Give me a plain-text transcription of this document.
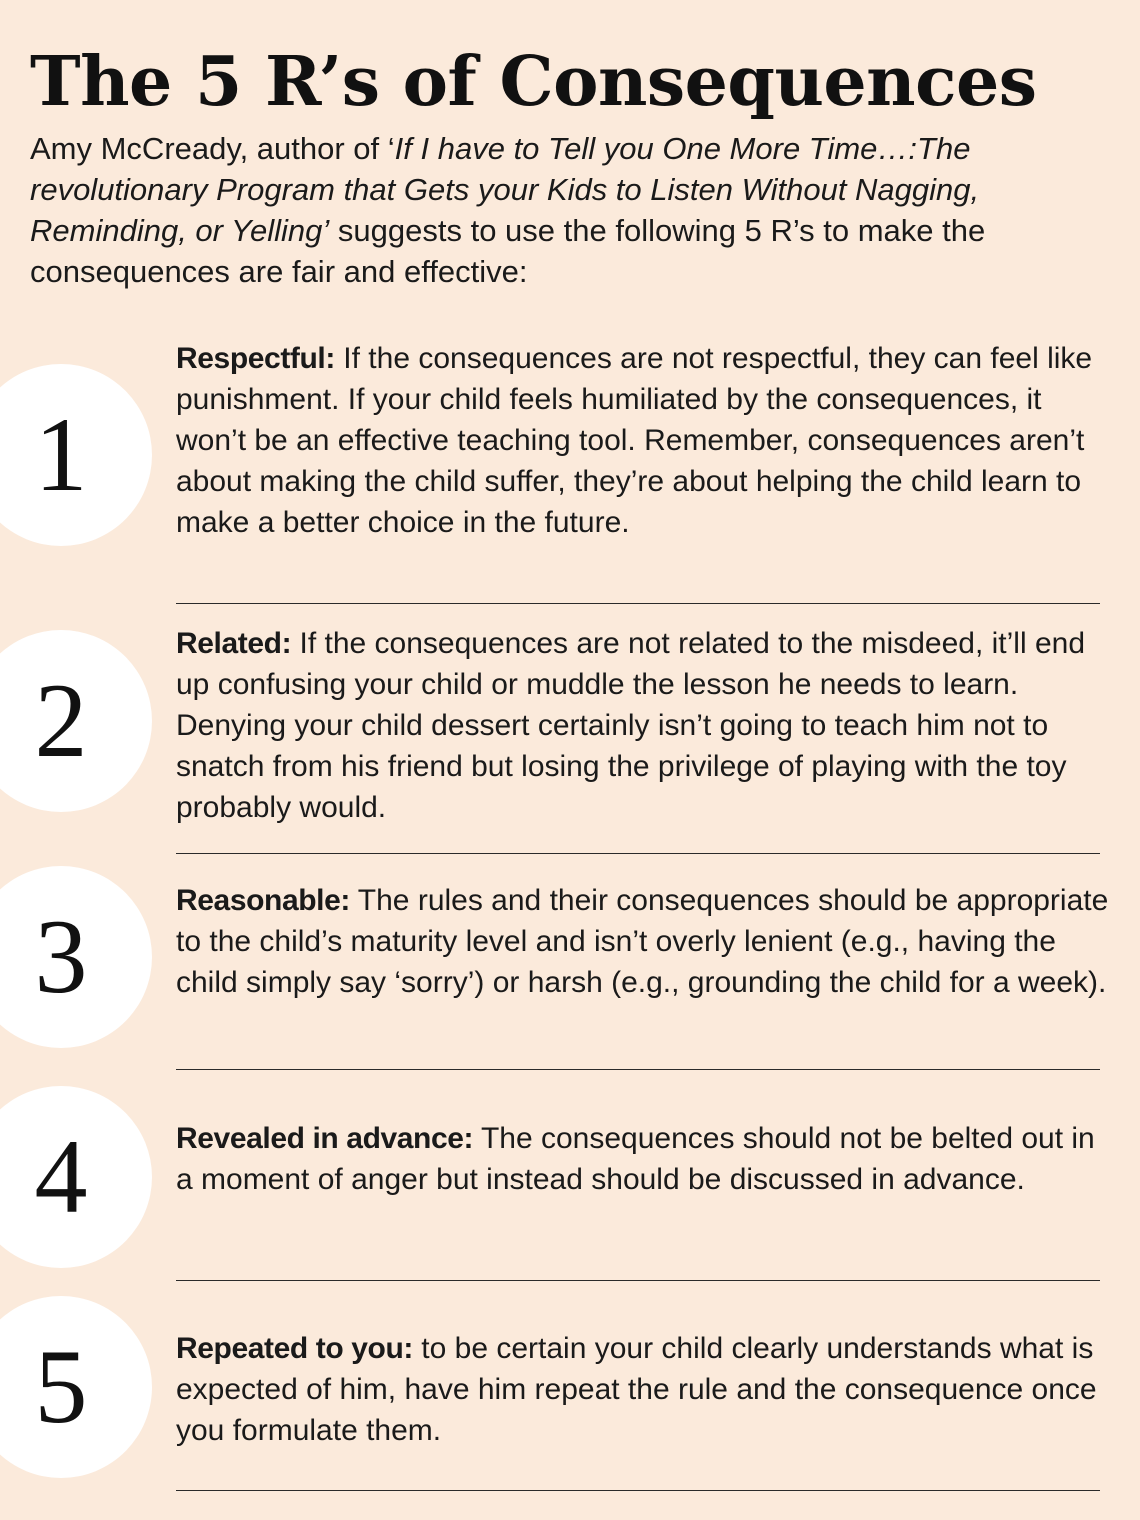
The 5 R’s of Consequences

Amy McCready, author of ‘If I have to Tell you One More Time…:The revolutionary Program that Gets your Kids to Listen Without Nagging, Reminding, or Yelling’ suggests to use the following 5 R’s to make the consequences are fair and effective:

1

Respectful: If the consequences are not respectful, they can feel like punishment. If your child feels humiliated by the consequences, it won’t be an effective teaching tool. Remember, consequences aren’t about making the child suffer, they’re about helping the child learn to make a better choice in the future.

2

Related: If the consequences are not related to the misdeed, it’ll end up confusing your child or muddle the lesson he needs to learn. Denying your child dessert certainly isn’t going to teach him not to snatch from his friend but losing the privilege of playing with the toy probably would.

3	Reasonable: The rules and their consequences should be appropriate to the child’s maturity level and isn’t overly lenient (e.g., having the child simply say ‘sorry’) or harsh (e.g., grounding the child for a week).

4	Revealed in advance: The consequences should not be belted out in a moment of anger but instead should be discussed in advance.

5	Repeated to you: to be certain your child clearly understands what is expected of him, have him repeat the rule and the consequence once you formulate them.
